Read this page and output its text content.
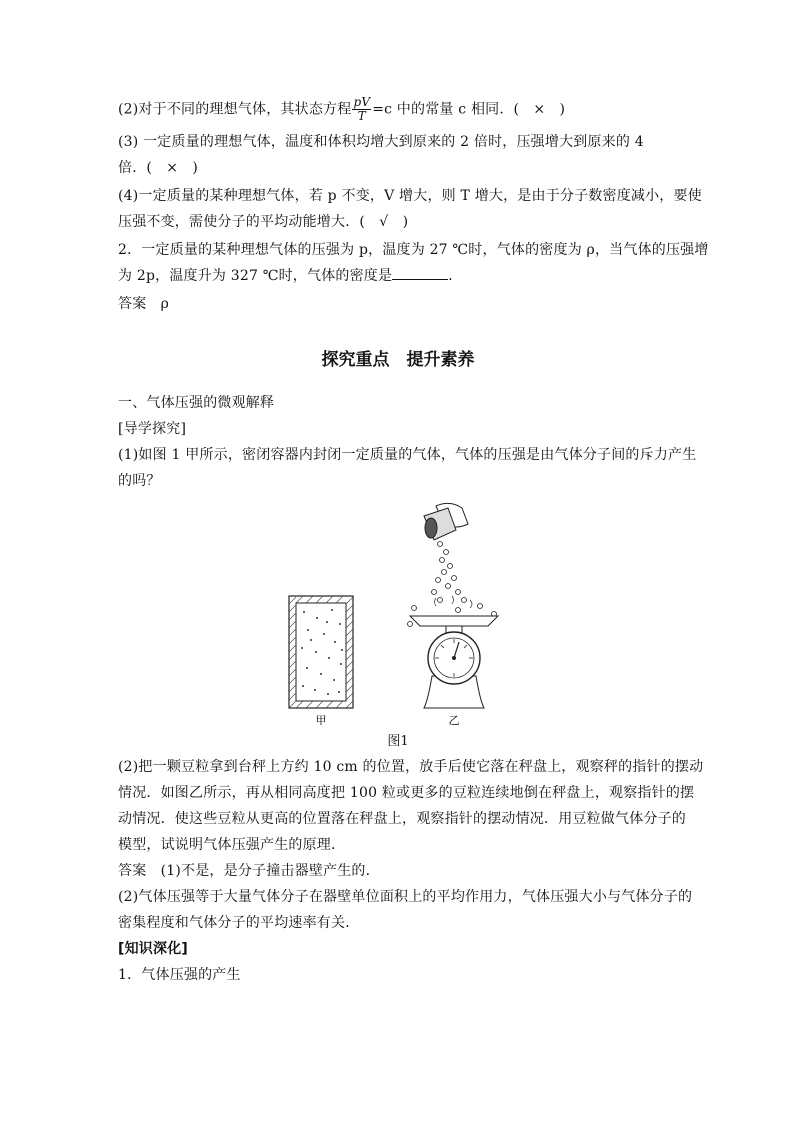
(2)对于不同的理想气体，其状态方程 $\frac{pV}{T} =c$ 中的常量 c 相同．(　×　)
(3) 一定质量的理想气体，温度和体积均增大到原来的 2 倍时，压强增大到原来的 4
倍．(　×　)
(4)一定质量的某种理想气体，若 p 不变，V 增大，则 T 增大，是由于分子数密度减小，要使
压强不变，需使分子的平均动能增大．(　√　)
2．一定质量的某种理想气体的压强为 p，温度为 27 ℃时，气体的密度为 ρ，当气体的压强增
为 2p，温度升为 327 ℃时，气体的密度是	．
答案　ρ
探究重点　提升素养
一、气体压强的微观解释
[导学探究]
(1)如图 1 甲所示，密闭容器内封闭一定质量的气体，气体的压强是由气体分子间的斥力产生
的吗？
甲	乙
图1
(2)把一颗豆粒拿到台秤上方约 10 cm 的位置，放手后使它落在秤盘上，观察秤的指针的摆动
情况．如图乙所示，再从相同高度把 100 粒或更多的豆粒连续地倒在秤盘上，观察指针的摆
动情况．使这些豆粒从更高的位置落在秤盘上，观察指针的摆动情况．用豆粒做气体分子的
模型，试说明气体压强产生的原理．
答案　(1)不是，是分子撞击器壁产生的．
(2)气体压强等于大量气体分子在器壁单位面积上的平均作用力，气体压强大小与气体分子的
密集程度和气体分子的平均速率有关．
[知识深化]
1．气体压强的产生
